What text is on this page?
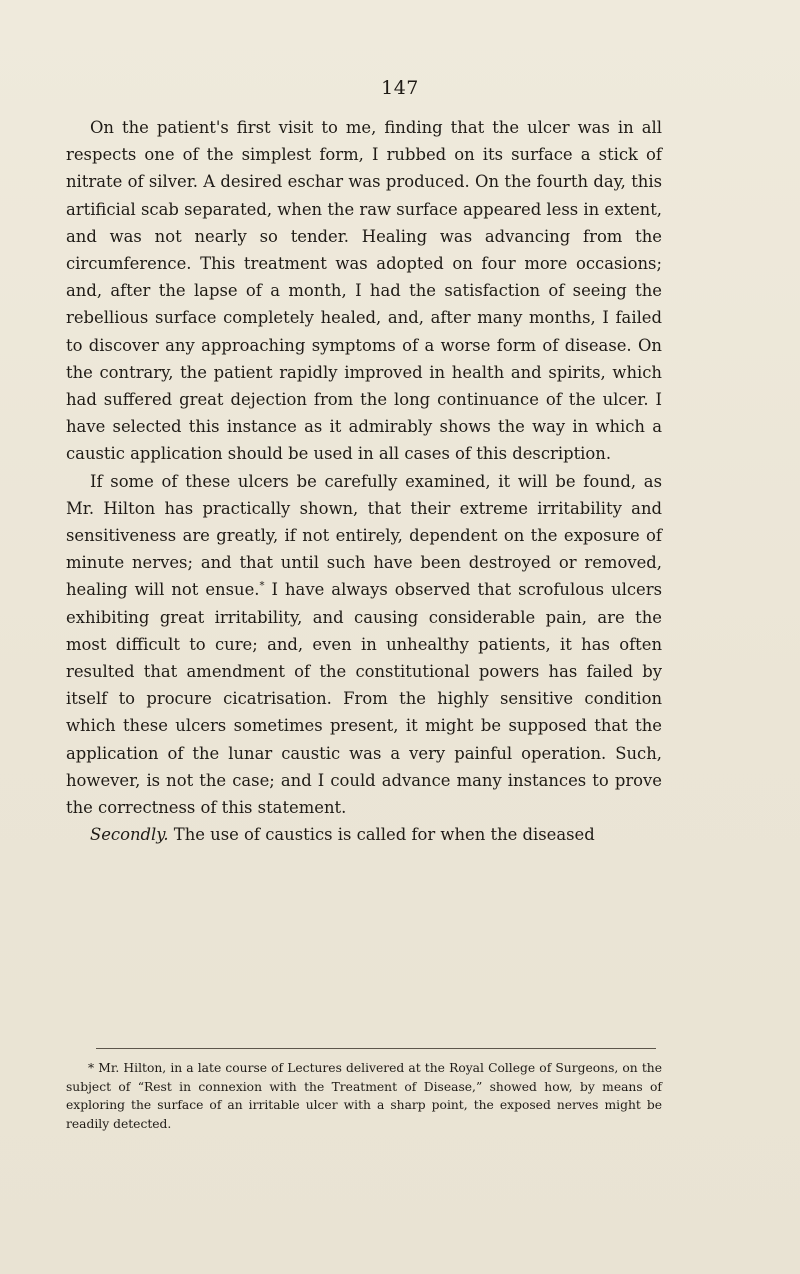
147

On the patient's first visit to me, finding that the ulcer was in all respects one of the simplest form, I rubbed on its surface a stick of nitrate of silver. A desired eschar was produced. On the fourth day, this artificial scab separated, when the raw surface appeared less in extent, and was not nearly so tender. Healing was advancing from the circumference. This treatment was adopted on four more occasions; and, after the lapse of a month, I had the satisfaction of seeing the rebellious surface completely healed, and, after many months, I failed to discover any approaching symptoms of a worse form of disease. On the contrary, the patient rapidly improved in health and spirits, which had suffered great dejection from the long continuance of the ulcer. I have selected this instance as it admirably shows the way in which a caustic application should be used in all cases of this description.

If some of these ulcers be carefully examined, it will be found, as Mr. Hilton has practically shown, that their extreme irritability and sensitiveness are greatly, if not entirely, dependent on the exposure of minute nerves; and that until such have been destroyed or removed, healing will not ensue.* I have always observed that scrofulous ulcers exhibiting great irritability, and causing considerable pain, are the most difficult to cure; and, even in unhealthy patients, it has often resulted that amendment of the constitutional powers has failed by itself to procure cicatrisation. From the highly sensitive condition which these ulcers sometimes present, it might be supposed that the application of the lunar caustic was a very painful operation. Such, however, is not the case; and I could advance many instances to prove the correctness of this statement.

Secondly. The use of caustics is called for when the diseased

* Mr. Hilton, in a late course of Lectures delivered at the Royal College of Surgeons, on the subject of “Rest in connexion with the Treatment of Disease,” showed how, by means of exploring the surface of an irritable ulcer with a sharp point, the exposed nerves might be readily detected.
